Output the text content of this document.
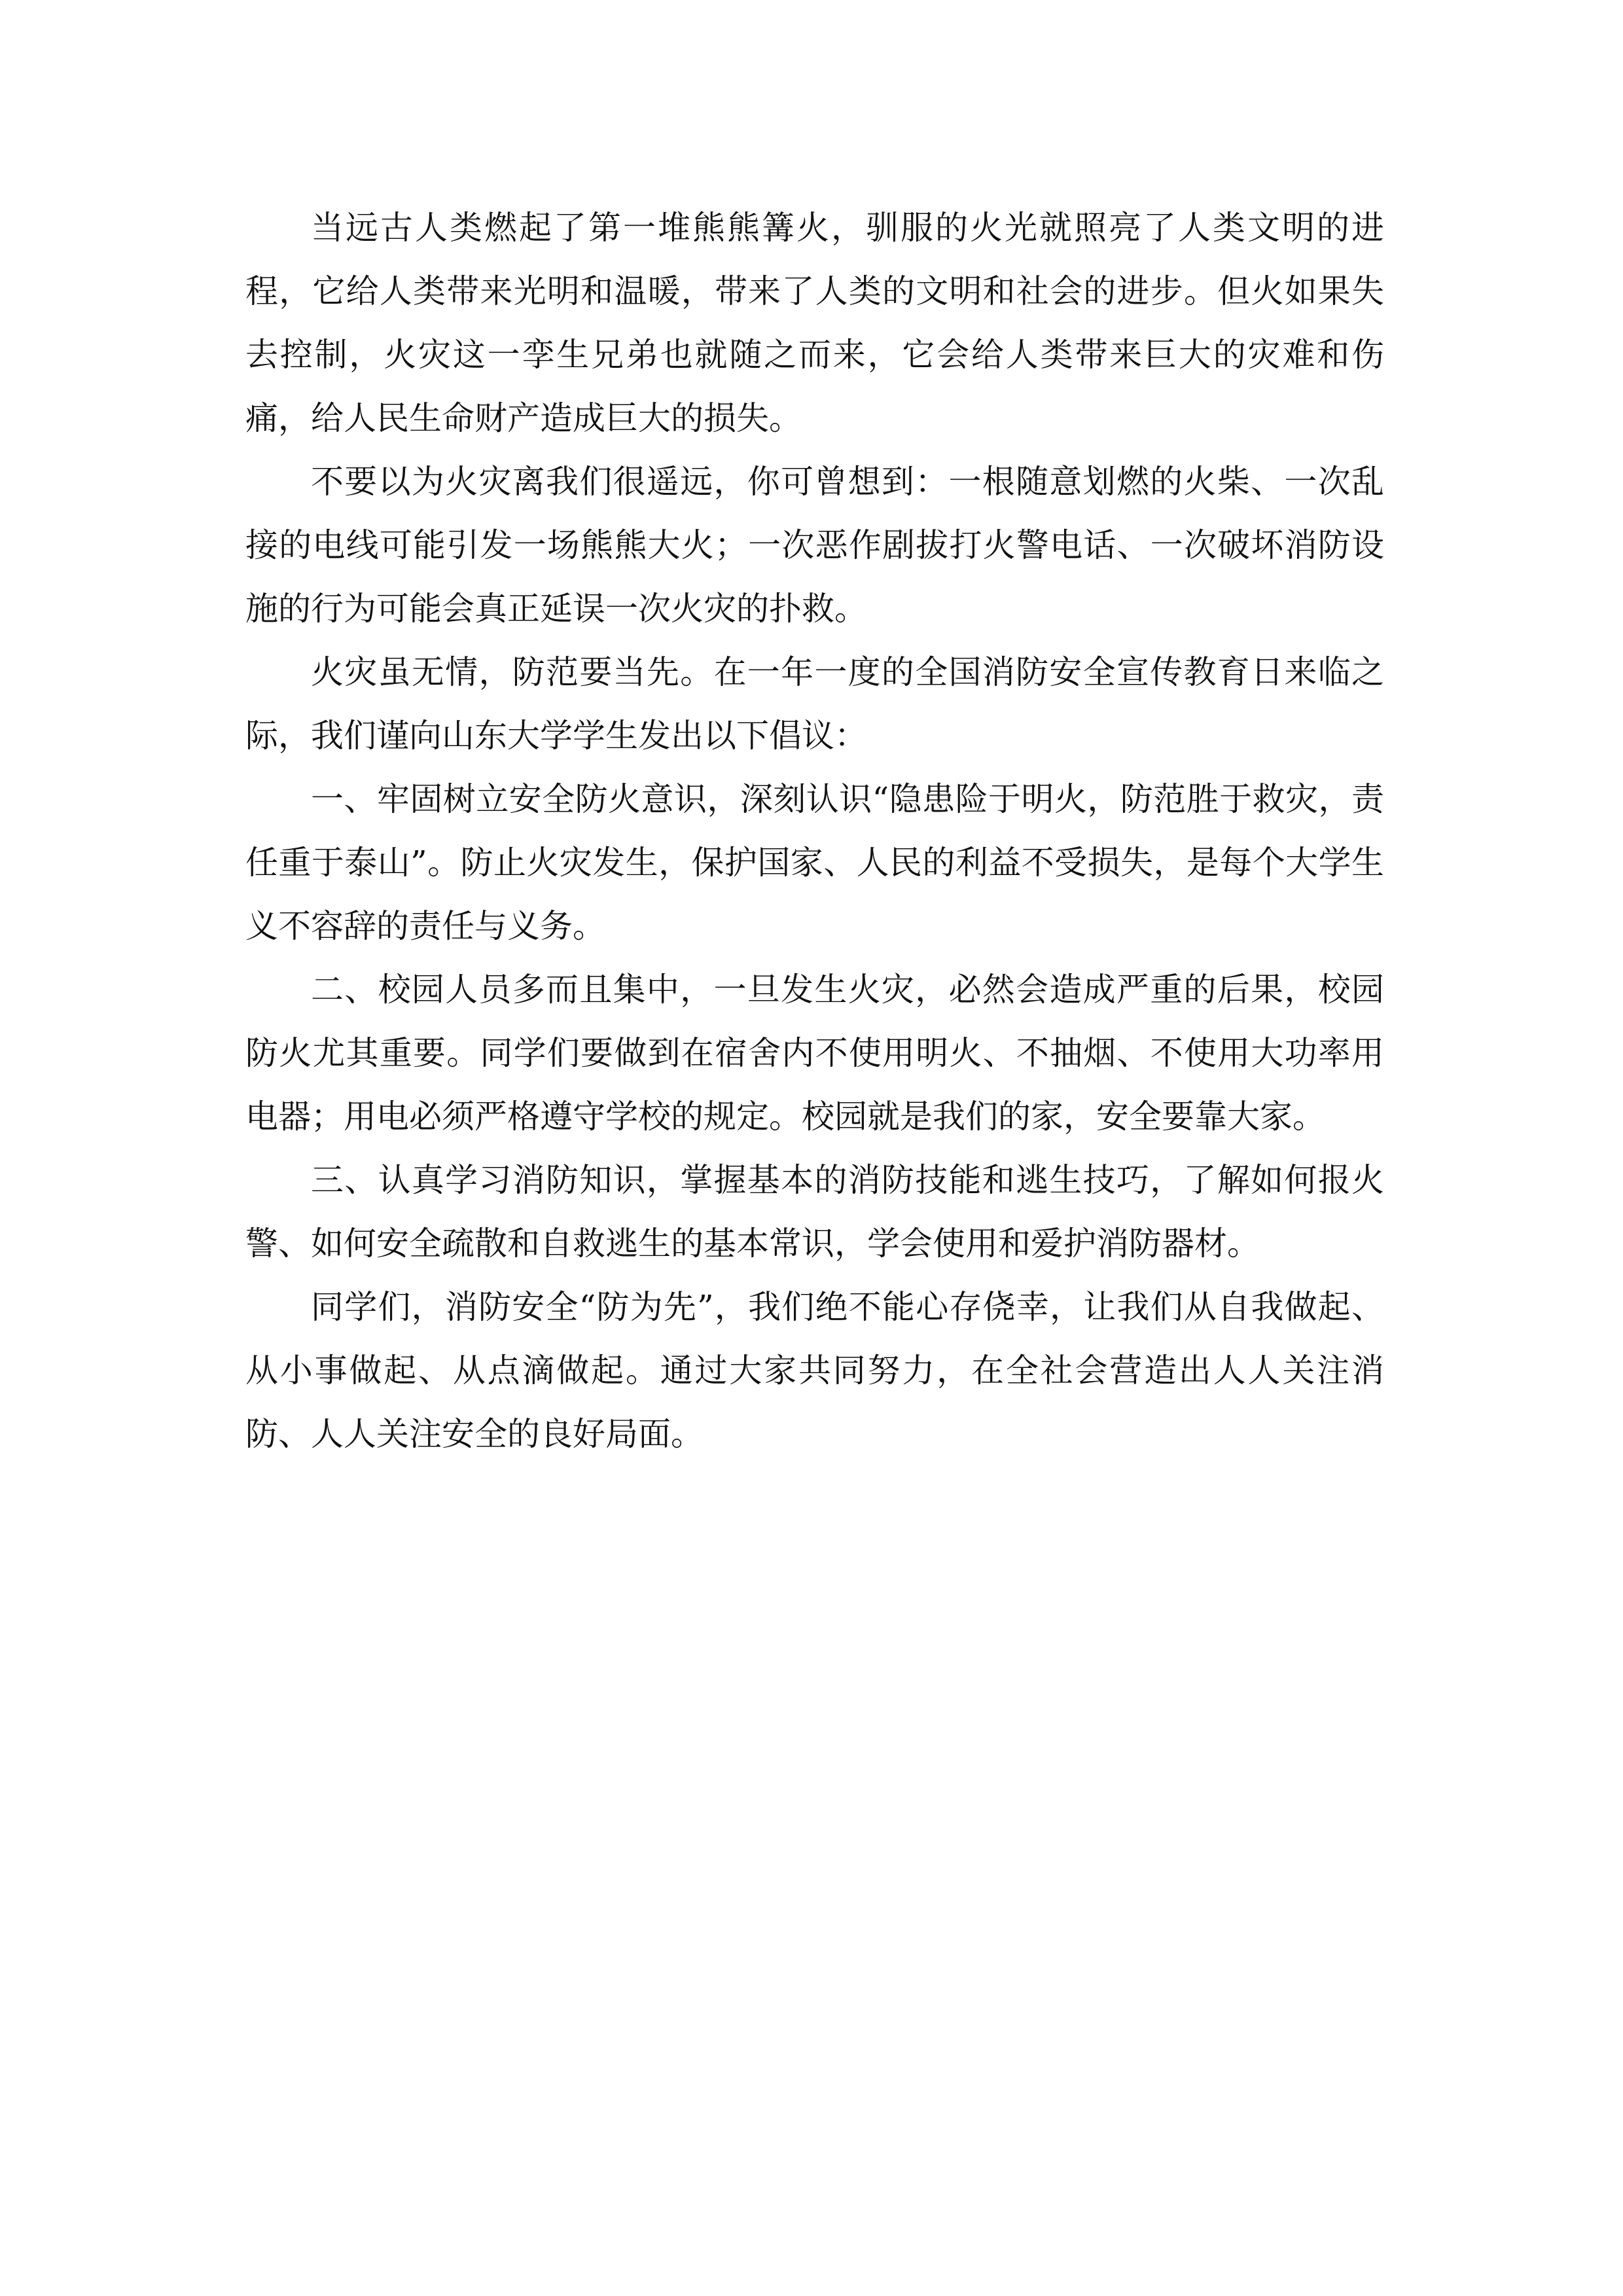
当远古人类燃起了第一堆熊熊篝火，驯服的火光就照亮了人类文明的进程，它给人类带来光明和温暖，带来了人类的文明和社会的进步。但火如果失去控制，火灾这一孪生兄弟也就随之而来，它会给人类带来巨大的灾难和伤痛，给人民生命财产造成巨大的损失。

不要以为火灾离我们很遥远，你可曾想到：一根随意划燃的火柴、一次乱接的电线可能引发一场熊熊大火；一次恶作剧拔打火警电话、一次破坏消防设施的行为可能会真正延误一次火灾的扑救。

火灾虽无情，防范要当先。在一年一度的全国消防安全宣传教育日来临之际，我们谨向山东大学学生发出以下倡议：

一、牢固树立安全防火意识，深刻认识“隐患险于明火，防范胜于救灾，责任重于泰山”。防止火灾发生，保护国家、人民的利益不受损失，是每个大学生义不容辞的责任与义务。

二、校园人员多而且集中，一旦发生火灾，必然会造成严重的后果，校园防火尤其重要。同学们要做到在宿舍内不使用明火、不抽烟、不使用大功率用电器；用电必须严格遵守学校的规定。校园就是我们的家，安全要靠大家。

三、认真学习消防知识，掌握基本的消防技能和逃生技巧，了解如何报火警、如何安全疏散和自救逃生的基本常识，学会使用和爱护消防器材。

同学们，消防安全“防为先”，我们绝不能心存侥幸，让我们从自我做起、从小事做起、从点滴做起。通过大家共同努力，在全社会营造出人人关注消防、人人关注安全的良好局面。
